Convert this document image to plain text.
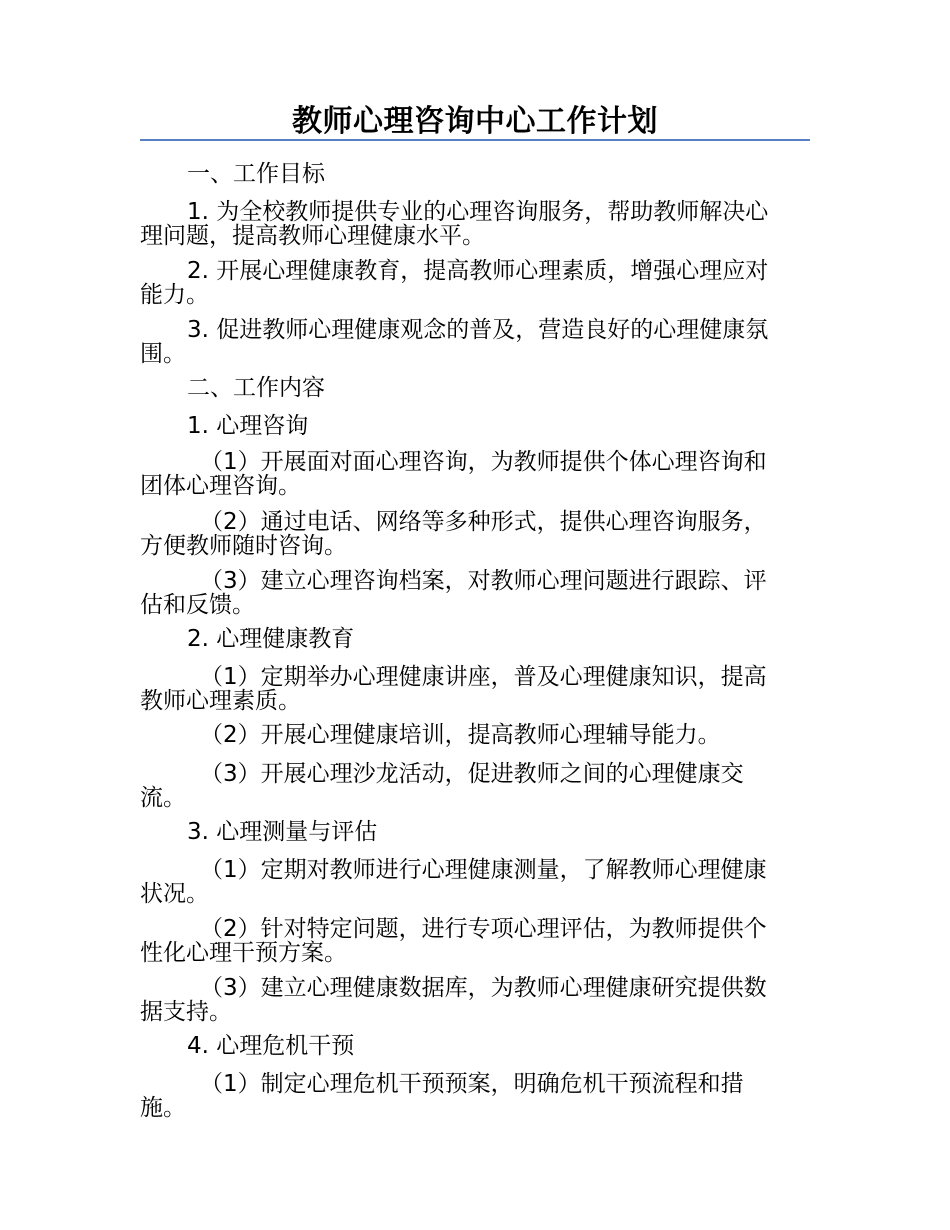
教师心理咨询中心工作计划
一、工作目标
1. 为全校教师提供专业的心理咨询服务，帮助教师解决心
理问题，提高教师心理健康水平。
2. 开展心理健康教育，提高教师心理素质，增强心理应对
能力。
3. 促进教师心理健康观念的普及，营造良好的心理健康氛
围。
二、工作内容
1. 心理咨询
（1）开展面对面心理咨询，为教师提供个体心理咨询和
团体心理咨询。
（2）通过电话、网络等多种形式，提供心理咨询服务，
方便教师随时咨询。
（3）建立心理咨询档案，对教师心理问题进行跟踪、评
估和反馈。
2. 心理健康教育
（1）定期举办心理健康讲座，普及心理健康知识，提高
教师心理素质。
（2）开展心理健康培训，提高教师心理辅导能力。
（3）开展心理沙龙活动，促进教师之间的心理健康交
流。
3. 心理测量与评估
（1）定期对教师进行心理健康测量，了解教师心理健康
状况。
（2）针对特定问题，进行专项心理评估，为教师提供个
性化心理干预方案。
（3）建立心理健康数据库，为教师心理健康研究提供数
据支持。
4. 心理危机干预
（1）制定心理危机干预预案，明确危机干预流程和措
施。
